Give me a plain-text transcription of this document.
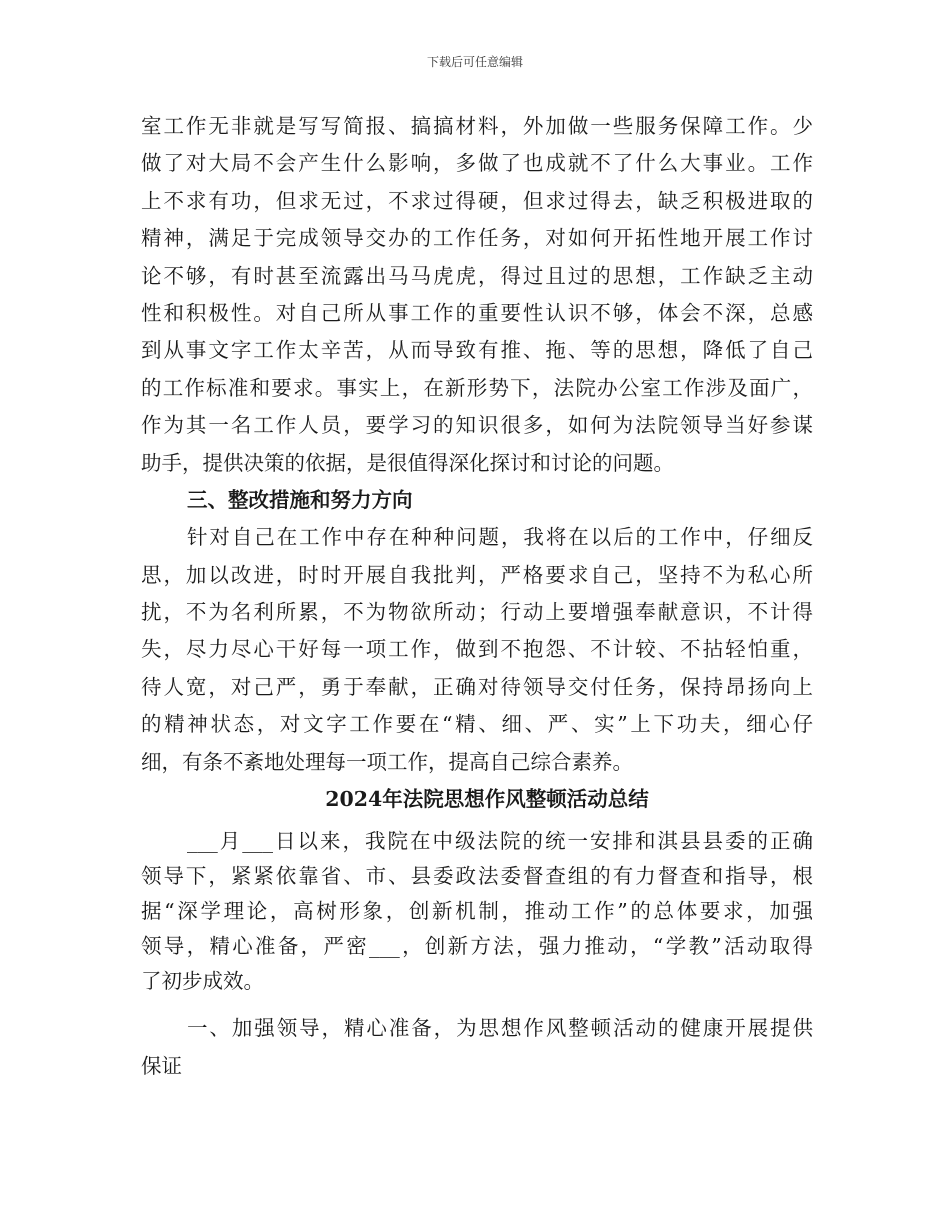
下载后可任意编辑
室工作无非就是写写简报、搞搞材料，外加做一些服务保障工作。少
做了对大局不会产生什么影响，多做了也成就不了什么大事业。工作
上不求有功，但求无过，不求过得硬，但求过得去，缺乏积极进取的
精神，满足于完成领导交办的工作任务，对如何开拓性地开展工作讨
论不够，有时甚至流露出马马虎虎，得过且过的思想，工作缺乏主动
性和积极性。对自己所从事工作的重要性认识不够，体会不深，总感
到从事文字工作太辛苦，从而导致有推、拖、等的思想，降低了自己
的工作标准和要求。事实上，在新形势下，法院办公室工作涉及面广，
作为其一名工作人员，要学习的知识很多，如何为法院领导当好参谋
助手，提供决策的依据，是很值得深化探讨和讨论的问题。
三、整改措施和努力方向
针对自己在工作中存在种种问题，我将在以后的工作中，仔细反
思，加以改进，时时开展自我批判，严格要求自己，坚持不为私心所
扰，不为名利所累，不为物欲所动；行动上要增强奉献意识，不计得
失，尽力尽心干好每一项工作，做到不抱怨、不计较、不拈轻怕重，
待人宽，对己严，勇于奉献，正确对待领导交付任务，保持昂扬向上
的精神状态，对文字工作要在“精、细、严、实”上下功夫，细心仔
细，有条不紊地处理每一项工作，提高自己综合素养。
2024年法院思想作风整顿活动总结
___月___日以来，我院在中级法院的统一安排和淇县县委的正确
领导下，紧紧依靠省、市、县委政法委督查组的有力督查和指导，根
据“深学理论，高树形象，创新机制，推动工作”的总体要求，加强
领导，精心准备，严密___，创新方法，强力推动，“学教”活动取得
了初步成效。
一、加强领导，精心准备，为思想作风整顿活动的健康开展提供
保证
